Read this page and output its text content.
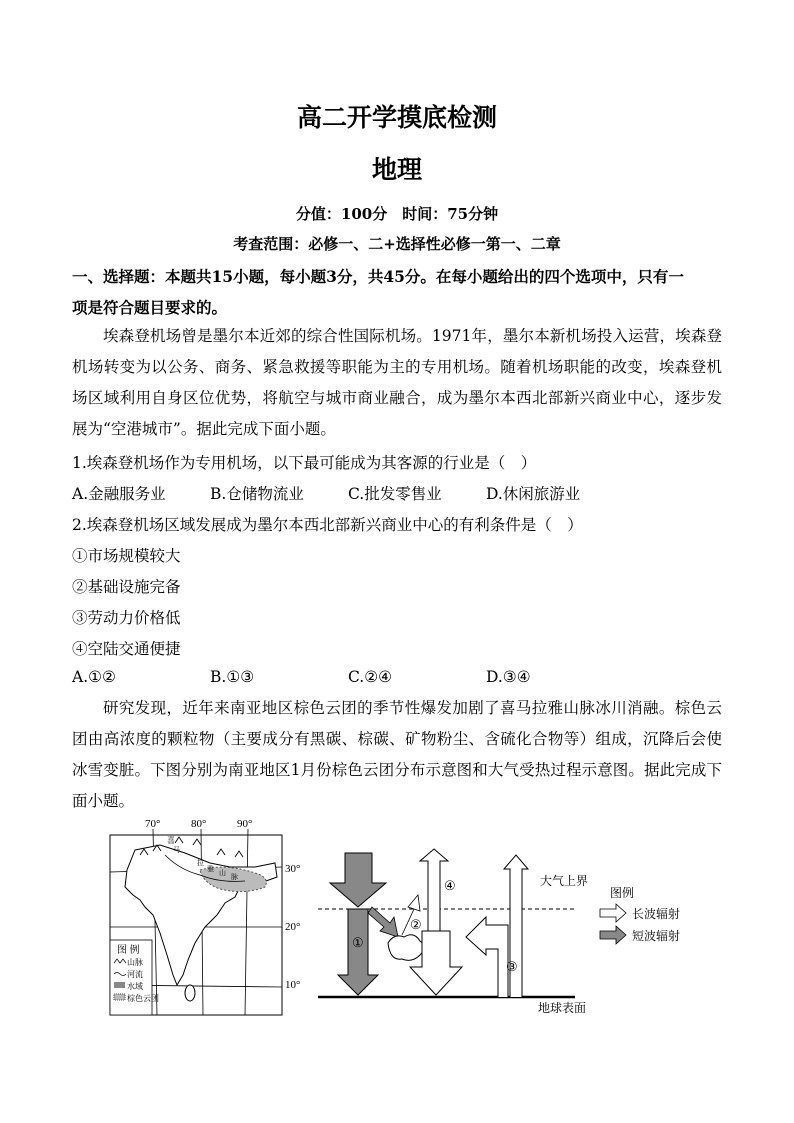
高二开学摸底检测
地理
分值：100分　时间：75分钟
考查范围：必修一、二+选择性必修一第一、二章
一、选择题：本题共15小题，每小题3分，共45分。在每小题给出的四个选项中，只有一
项是符合题目要求的。
埃森登机场曾是墨尔本近郊的综合性国际机场。1971年，墨尔本新机场投入运营，埃森登机场转变为以公务、商务、紧急救援等职能为主的专用机场。随着机场职能的改变，埃森登机场区域利用自身区位优势，将航空与城市商业融合，成为墨尔本西北部新兴商业中心，逐步发展为“空港城市”。据此完成下面小题。
1.埃森登机场作为专用机场，以下最可能成为其客源的行业是（　）
A.金融服务业	B.仓储物流业	C.批发零售业	D.休闲旅游业
2.埃森登机场区域发展成为墨尔本西北部新兴商业中心的有利条件是（　）
①市场规模较大
②基础设施完备
③劳动力价格低
④空陆交通便捷
A.①②	B.①③	C.②④	D.③④
研究发现，近年来南亚地区棕色云团的季节性爆发加剧了喜马拉雅山脉冰川消融。棕色云团由高浓度的颗粒物（主要成分有黑碳、棕碳、矿物粉尘、含硫化合物等）组成，沉降后会使冰雪变脏。下图分别为南亚地区1月份棕色云团分布示意图和大气受热过程示意图。据此完成下面小题。
图 例
山脉
河流
水域
棕色云团
70°	80°	90°
30°
20°
10°
喜
马
拉
雅 山 脉	大气上界
地球表面
①
②
③
④	图例
长波辐射
短波辐射
